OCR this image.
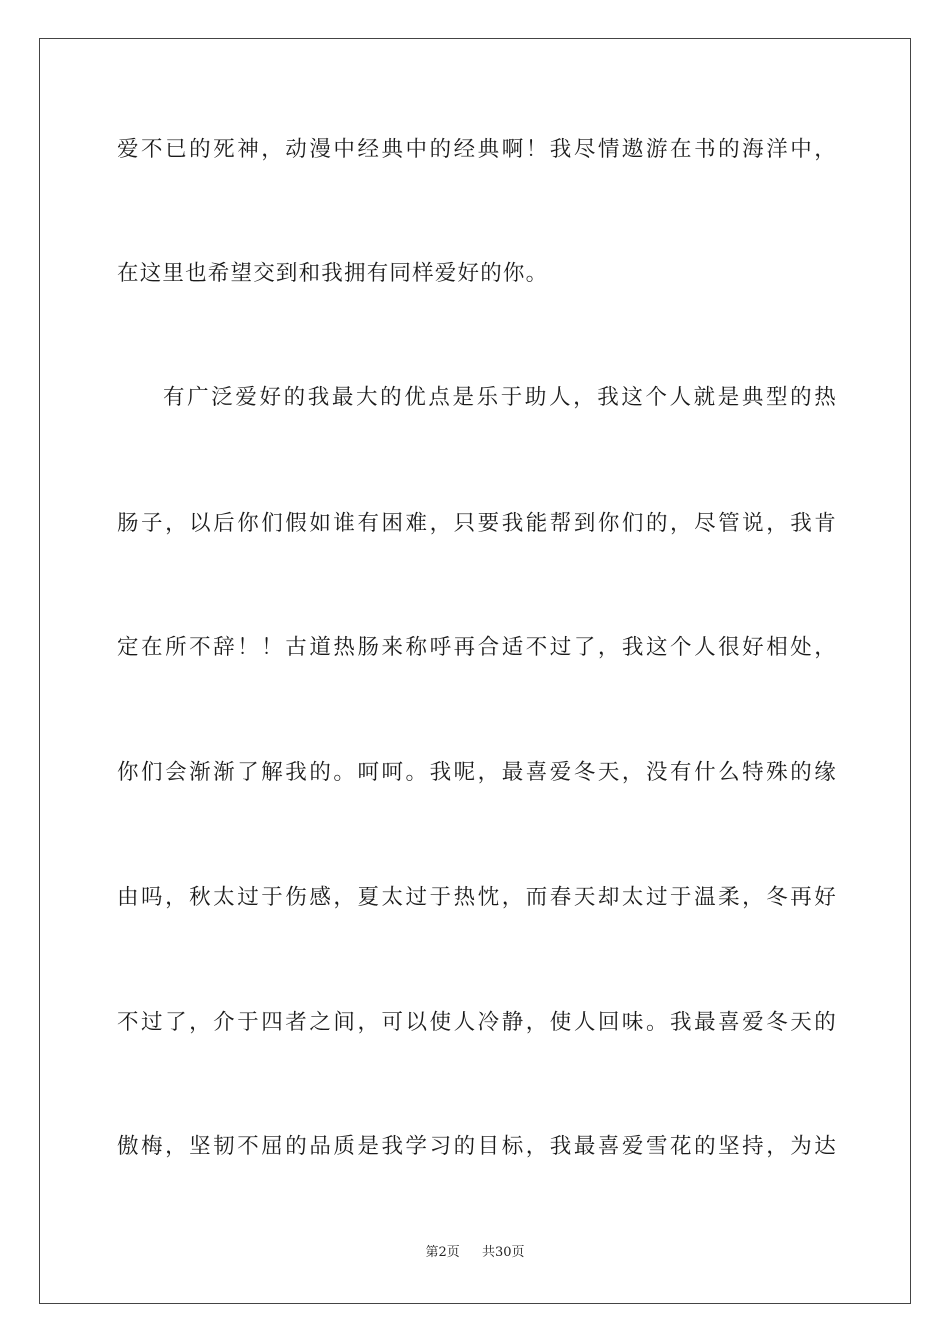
爱不已的死神，动漫中经典中的经典啊！我尽情遨游在书的海洋中，
在这里也希望交到和我拥有同样爱好的你。
有广泛爱好的我最大的优点是乐于助人，我这个人就是典型的热
肠子，以后你们假如谁有困难，只要我能帮到你们的，尽管说，我肯
定在所不辞！！古道热肠来称呼再合适不过了，我这个人很好相处，
你们会渐渐了解我的。呵呵。我呢，最喜爱冬天，没有什么特殊的缘
由吗，秋太过于伤感，夏太过于热忱，而春天却太过于温柔，冬再好
不过了，介于四者之间，可以使人冷静，使人回味。我最喜爱冬天的
傲梅，坚韧不屈的品质是我学习的目标，我最喜爱雪花的坚持，为达
第2页 共30页
